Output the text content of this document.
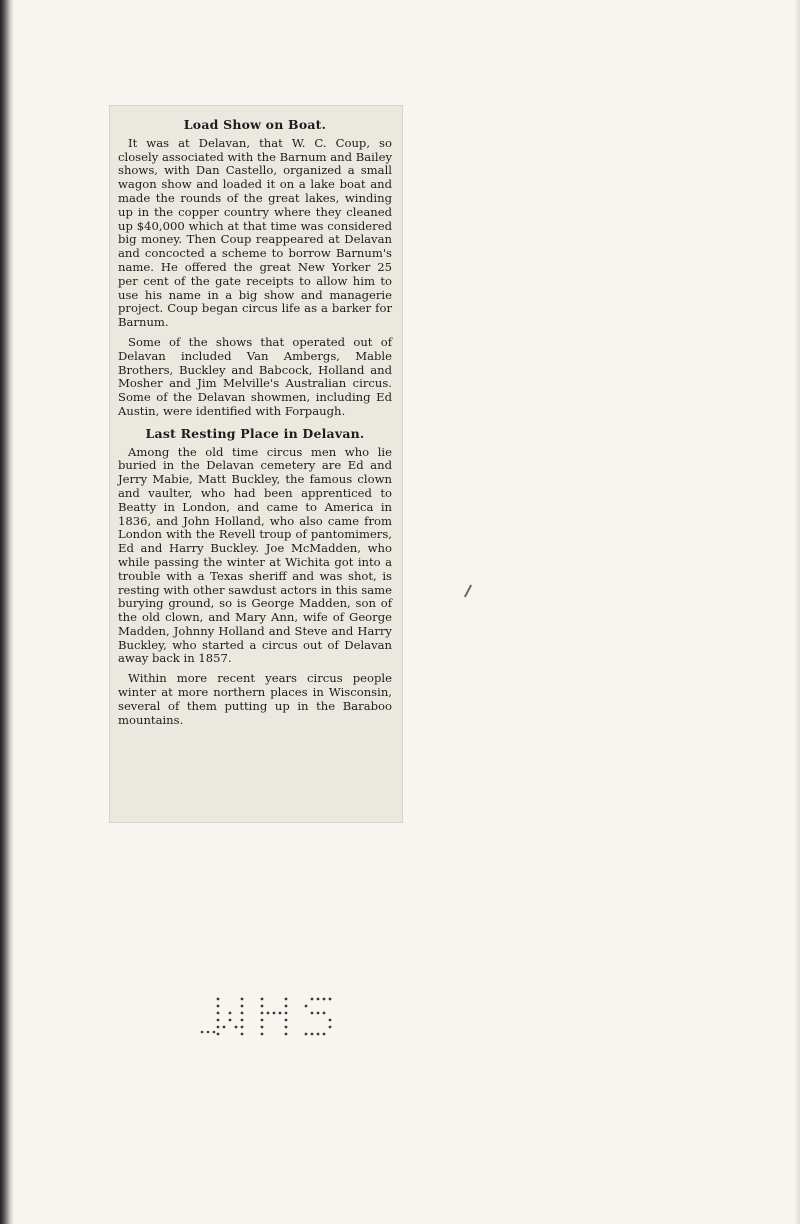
Load Show on Boat.

It was at Delavan, that W. C. Coup, so closely associated with the Barnum and Bailey shows, with Dan Castello, organized a small wagon show and loaded it on a lake boat and made the rounds of the great lakes, winding up in the copper country where they cleaned up $40,000 which at that time was considered big money. Then Coup reappeared at Delavan and concocted a scheme to borrow Barnum's name. He offered the great New Yorker 25 per cent of the gate receipts to allow him to use his name in a big show and managerie project. Coup began circus life as a barker for Barnum.

Some of the shows that operated out of Delavan included Van Ambergs, Mable Brothers, Buckley and Babcock, Holland and Mosher and Jim Melville's Australian circus. Some of the Delavan showmen, including Ed Austin, were identified with Forpaugh.

Last Resting Place in Delavan.

Among the old time circus men who lie buried in the Delavan cemetery are Ed and Jerry Mabie, Matt Buckley, the famous clown and vaulter, who had been apprenticed to Beatty in London, and came to America in 1836, and John Holland, who also came from London with the Revell troup of pantomimers, Ed and Harry Buckley. Joe McMadden, who while passing the winter at Wichita got into a trouble with a Texas sheriff and was shot, is resting with other sawdust actors in this same burying ground, so is George Madden, son of the old clown, and Mary Ann, wife of George Madden, Johnny Holland and Steve and Harry Buckley, who started a circus out of Delavan away back in 1857.

Within more recent years circus people winter at more northern places in Wisconsin, several of them putting up in the Baraboo mountains.
